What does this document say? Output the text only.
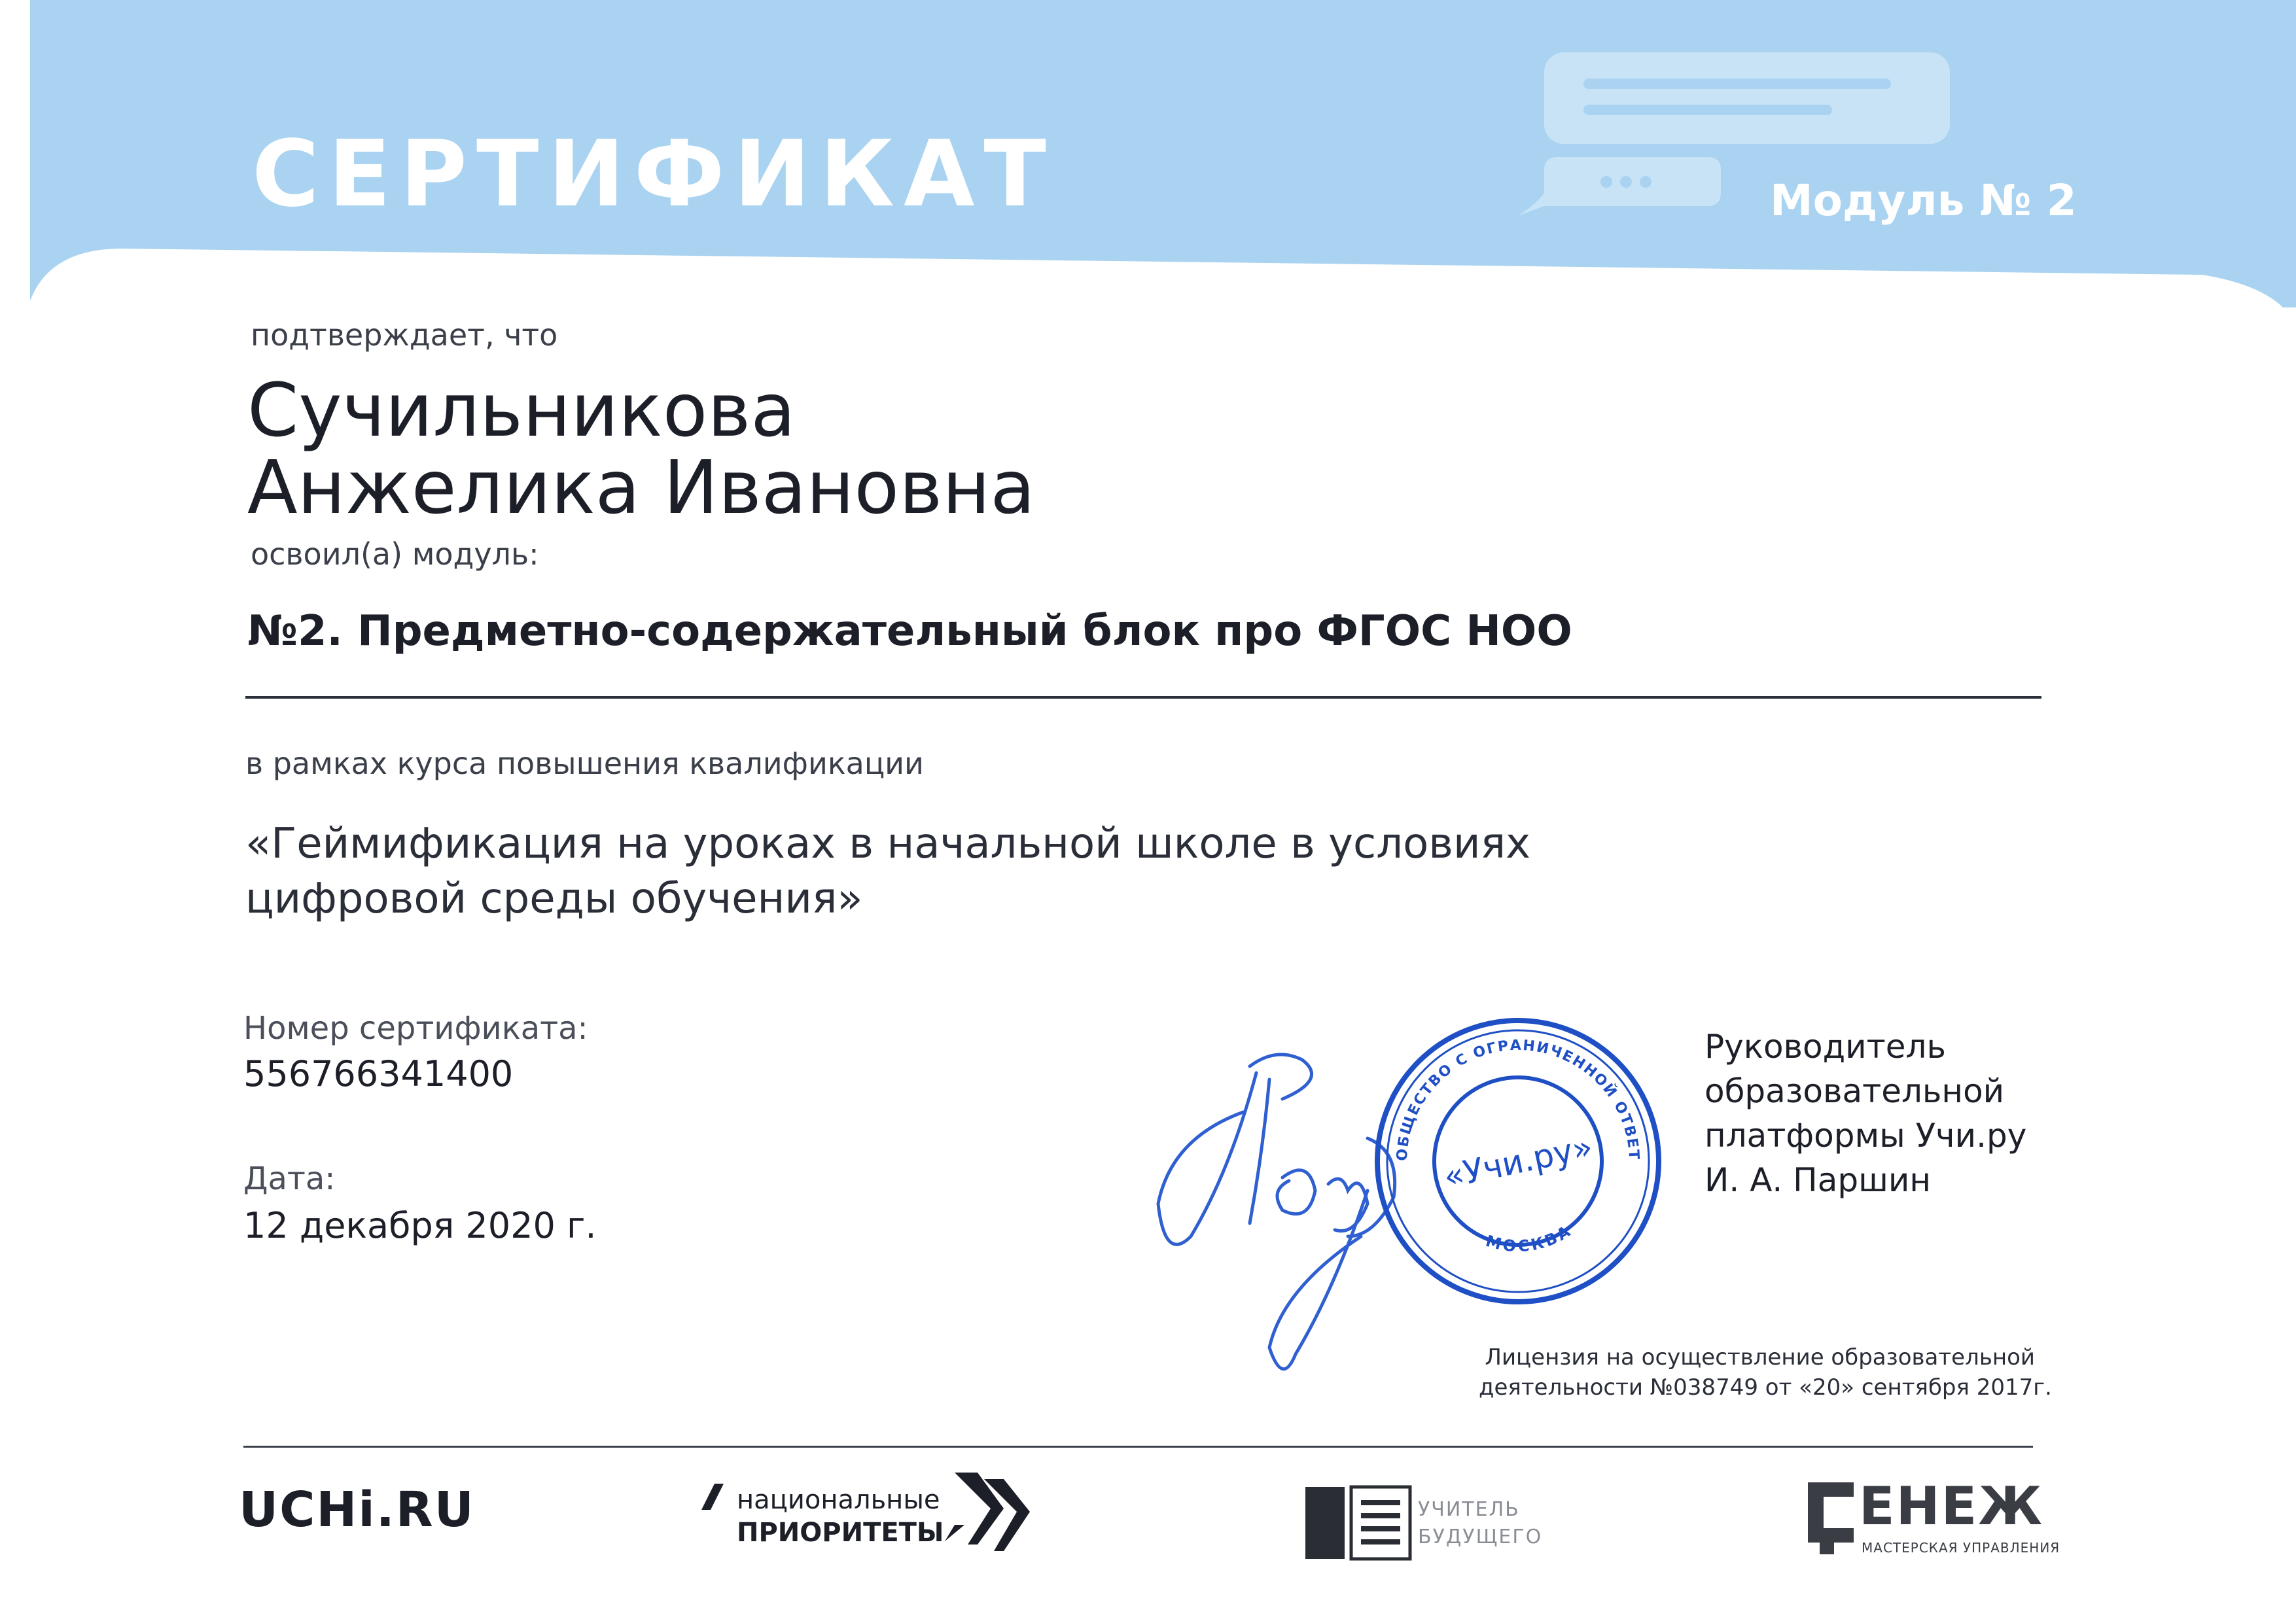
СЕРТИФИКАТ	Модуль № 2
подтверждает, что
Сучильникова
Анжелика Ивановна
освоил(а) модуль:
№2. Предметно-содержательный блок про ФГОС НОО
в рамках курса повышения квалификации
«Геймификация на уроках в начальной школе в условиях
цифровой среды обучения»
Номер сертификата:
556766341400
Дата:
12 декабря 2020 г.
ОБЩЕСТВО С ОГРАНИЧЕННОЙ ОТВЕТ
МОСКВА
«Учи.ру»
Руководитель
образовательной
платформы Учи.ру
И. А. Паршин
Лицензия на осуществление образовательной
деятельности №038749 от «20» сентября 2017г.
UCHi.RU	национальные
ПРИОРИТЕТЫ
УЧИТЕЛЬ
БУДУЩЕГО
ЕНЕЖ
МАСТЕРСКАЯ УПРАВЛЕНИЯ
